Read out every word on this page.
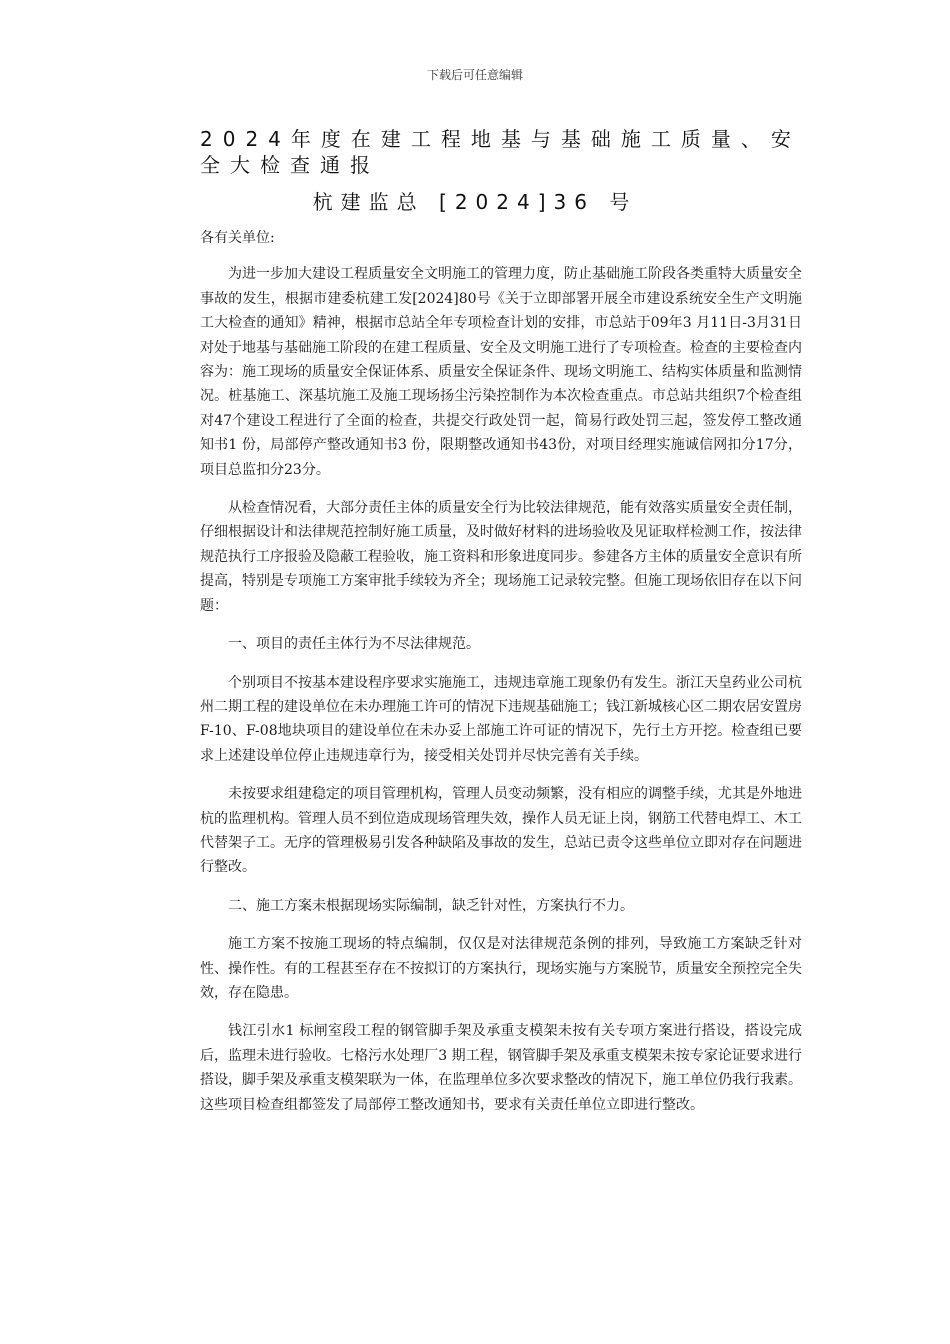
下载后可任意编辑
2024年度在建工程地基与基础施工质量、安全大检查通报
杭建监总 [2024]36 号

各有关单位:

为进一步加大建设工程质量安全文明施工的管理力度，防止基础施工阶段各类重特大质量安全事故的发生，根据市建委杭建工发[2024]80号《关于立即部署开展全市建设系统安全生产文明施工大检查的通知》精神，根据市总站全年专项检查计划的安排，市总站于09年3 月11日-3月31日对处于地基与基础施工阶段的在建工程质量、安全及文明施工进行了专项检查。检查的主要检查内容为：施工现场的质量安全保证体系、质量安全保证条件、现场文明施工、结构实体质量和监测情况。桩基施工、深基坑施工及施工现场扬尘污染控制作为本次检查重点。市总站共组织7个检查组对47个建设工程进行了全面的检查，共提交行政处罚一起，简易行政处罚三起，签发停工整改通知书1 份，局部停产整改通知书3 份，限期整改通知书43份，对项目经理实施诚信网扣分17分，项目总监扣分23分。

从检查情况看，大部分责任主体的质量安全行为比较法律规范，能有效落实质量安全责任制，仔细根据设计和法律规范控制好施工质量，及时做好材料的进场验收及见证取样检测工作，按法律规范执行工序报验及隐蔽工程验收，施工资料和形象进度同步。参建各方主体的质量安全意识有所提高，特别是专项施工方案审批手续较为齐全；现场施工记录较完整。但施工现场依旧存在以下问题：

一、项目的责任主体行为不尽法律规范。

个别项目不按基本建设程序要求实施施工，违规违章施工现象仍有发生。浙江天皇药业公司杭州二期工程的建设单位在未办理施工许可的情况下违规基础施工；钱江新城核心区二期农居安置房F-10、F-08地块项目的建设单位在未办妥上部施工许可证的情况下，先行土方开挖。检查组已要求上述建设单位停止违规违章行为，接受相关处罚并尽快完善有关手续。

未按要求组建稳定的项目管理机构，管理人员变动频繁，没有相应的调整手续，尤其是外地进杭的监理机构。管理人员不到位造成现场管理失效，操作人员无证上岗，钢筋工代替电焊工、木工代替架子工。无序的管理极易引发各种缺陷及事故的发生，总站已责令这些单位立即对存在问题进行整改。

二、施工方案未根据现场实际编制，缺乏针对性，方案执行不力。

施工方案不按施工现场的特点编制，仅仅是对法律规范条例的排列，导致施工方案缺乏针对性、操作性。有的工程甚至存在不按拟订的方案执行，现场实施与方案脱节，质量安全预控完全失效，存在隐患。

钱江引水1 标闸室段工程的钢管脚手架及承重支模架未按有关专项方案进行搭设，搭设完成后，监理未进行验收。七格污水处理厂3 期工程，钢管脚手架及承重支模架未按专家论证要求进行搭设，脚手架及承重支模架联为一体，在监理单位多次要求整改的情况下，施工单位仍我行我素。这些项目检查组都签发了局部停工整改通知书，要求有关责任单位立即进行整改。
